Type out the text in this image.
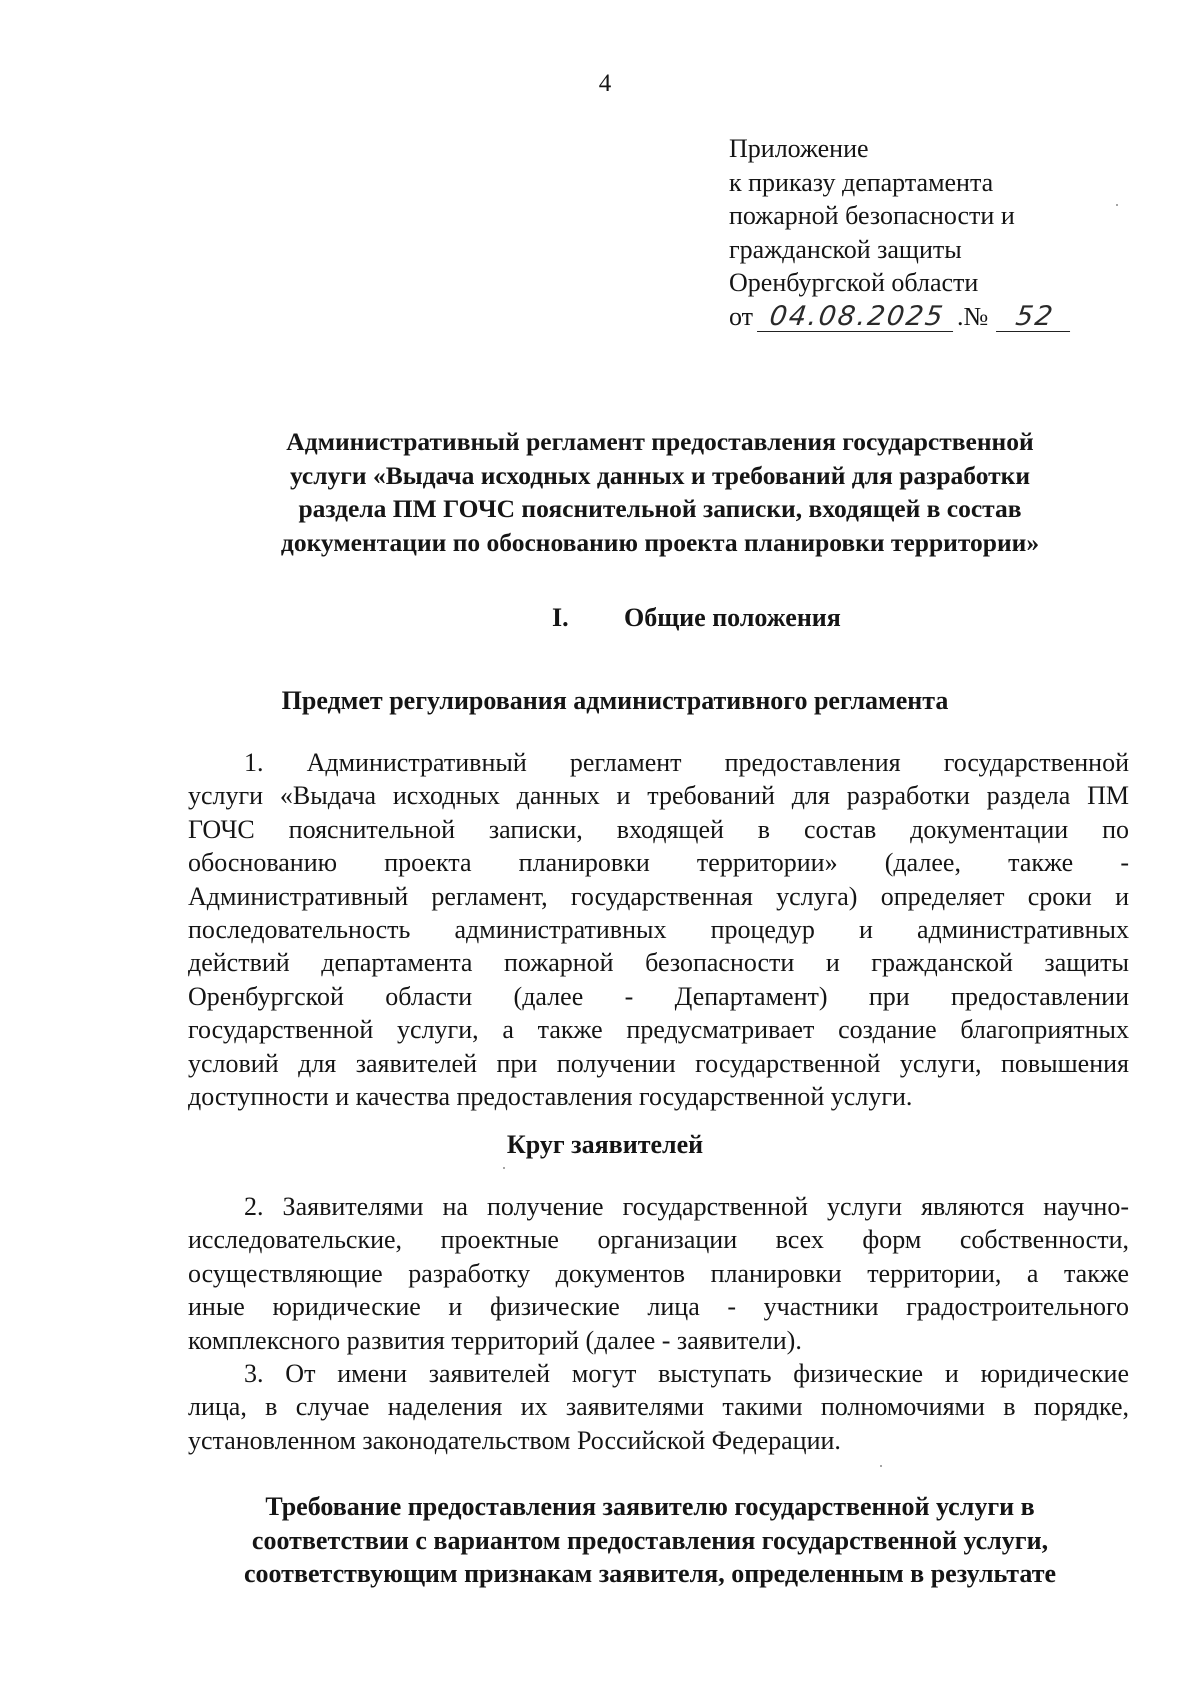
4
Приложение
к приказу департамента
пожарной безопасности и
гражданской защиты
Оренбургской области
от 04.08.2025 .№ 52
Административный регламент предоставления государственной
услуги «Выдача исходных данных и требований для разработки
раздела ПМ ГОЧС пояснительной записки, входящей в состав
документации по обоснованию проекта планировки территории»
I. Общие положения
Предмет регулирования административного регламента
1. Административный регламент предоставления государственной
услуги «Выдача исходных данных и требований для разработки раздела ПМ
ГОЧС пояснительной записки, входящей в состав документации по
обоснованию проекта планировки территории» (далее, также -
Административный регламент, государственная услуга) определяет сроки и
последовательность административных процедур и административных
действий департамента пожарной безопасности и гражданской защиты
Оренбургской области (далее - Департамент) при предоставлении
государственной услуги, а также предусматривает создание благоприятных
условий для заявителей при получении государственной услуги, повышения
доступности и качества предоставления государственной услуги.
Круг заявителей
2. Заявителями на получение государственной услуги являются научно-
исследовательские, проектные организации всех форм собственности,
осуществляющие разработку документов планировки территории, а также
иные юридические и физические лица - участники градостроительного
комплексного развития территорий (далее - заявители).
3. От имени заявителей могут выступать физические и юридические
лица, в случае наделения их заявителями такими полномочиями в порядке,
установленном законодательством Российской Федерации.
Требование предоставления заявителю государственной услуги в
соответствии с вариантом предоставления государственной услуги,
соответствующим признакам заявителя, определенным в результате
